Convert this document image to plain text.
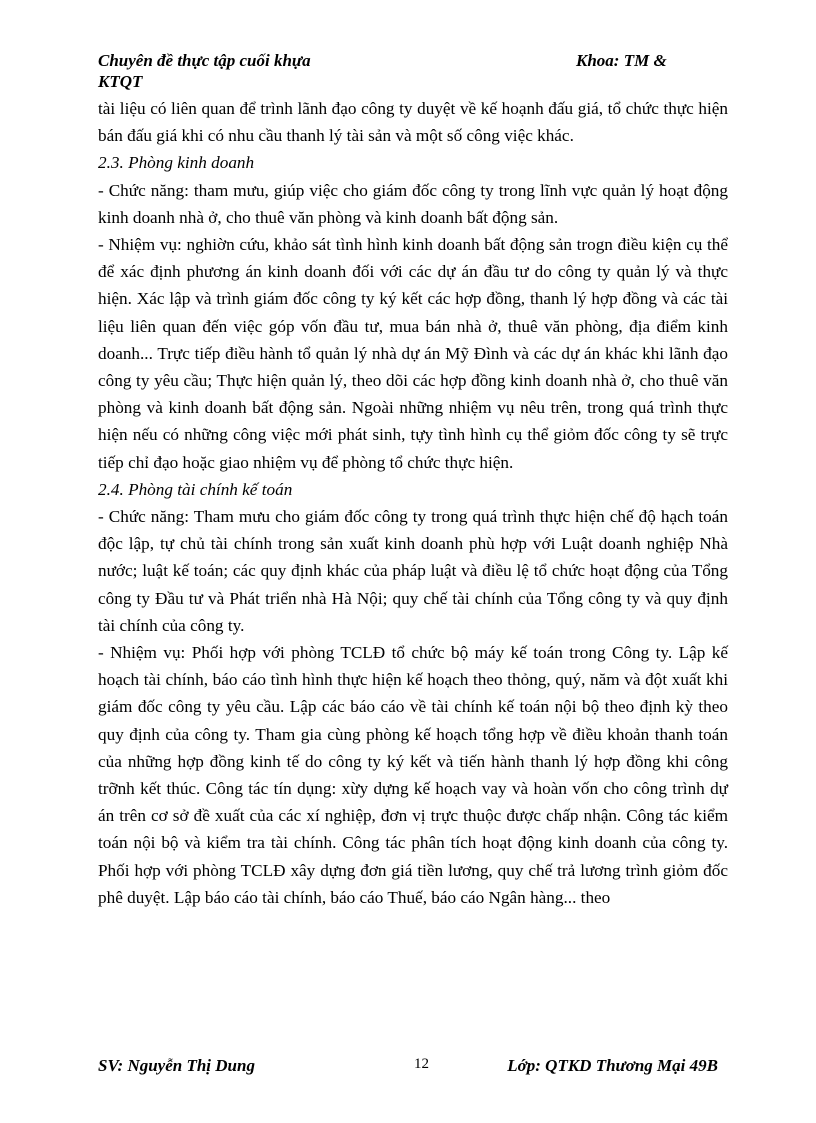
Chuyên đề thực tập cuối khựa	Khoa: TM &
KTQT

tài liệu có liên quan để trình lãnh đạo công ty duyệt về kế hoạnh đấu giá, tổ chức thực hiện bán đấu giá khi có nhu cầu thanh lý tài sản và một số công việc khác.

2.3. Phòng kinh doanh

- Chức năng: tham mưu, giúp việc cho giám đốc công ty trong lĩnh vực quản lý hoạt động kinh doanh nhà ở, cho thuê văn phòng và kinh doanh bất động sản.

- Nhiệm vụ: nghiờn cứu, khảo sát tình hình kinh doanh bất động sản trogn điều kiện cụ thể để xác định phương án kinh doanh đối với các dự án đầu tư do công ty quản lý và thực hiện. Xác lập và trình giám đốc công ty ký kết các hợp đồng, thanh lý hợp đồng và các tài liệu liên quan đến việc góp vốn đầu tư, mua bán nhà ở, thuê văn phòng, địa điểm kinh doanh... Trực tiếp điều hành tổ quản lý nhà dự án Mỹ Đình và các dự án khác khi lãnh đạo công ty yêu cầu; Thực hiện quản lý, theo dõi các hợp đồng kinh doanh nhà ở, cho thuê văn phòng và kinh doanh bất động sản. Ngoài những nhiệm vụ nêu trên, trong quá trình thực hiện nếu có những công việc mới phát sinh, tựy tình hình cụ thể giỏm đốc công ty sẽ trực tiếp chỉ đạo hoặc giao nhiệm vụ để phòng tổ chức thực hiện.

2.4. Phòng tài chính kế toán

- Chức năng: Tham mưu cho giám đốc công ty trong quá trình thực hiện chế độ hạch toán độc lập, tự chủ tài chính trong sản xuất kinh doanh phù hợp với Luật doanh nghiệp Nhà nước; luật kế toán; các quy định khác của pháp luật và điều lệ tổ chức hoạt động của Tổng công ty Đầu tư và Phát triển nhà Hà Nội; quy chế tài chính của Tổng công ty và quy định tài chính của công ty.

- Nhiệm vụ: Phối hợp với phòng TCLĐ tổ chức bộ máy kế toán trong Công ty. Lập kế hoạch tài chính, báo cáo tình hình thực hiện kế hoạch theo thỏng, quý, năm và đột xuất khi giám đốc công ty yêu cầu. Lập các báo cáo về tài chính kế toán nội bộ theo định kỳ theo quy định của công ty. Tham gia cùng phòng kế hoạch tổng hợp về điều khoản thanh toán của những hợp đồng kinh tế do công ty ký kết và tiến hành thanh lý hợp đồng khi công trỡnh kết thúc. Công tác tín dụng: xừy dựng kế hoạch vay và hoàn vốn cho công trình dự án trên cơ sở đề xuất của các xí nghiệp, đơn vị trực thuộc được chấp nhận. Công tác kiểm toán nội bộ và kiểm tra tài chính. Công tác phân tích hoạt động kinh doanh của công ty. Phối hợp với phòng TCLĐ xây dựng đơn giá tiền lương, quy chế trả lương trình giỏm đốc phê duyệt. Lập báo cáo tài chính, báo cáo Thuế, báo cáo Ngân hàng... theo

SV: Nguyễn Thị Dung	12	Lớp: QTKD Thương Mại 49B
